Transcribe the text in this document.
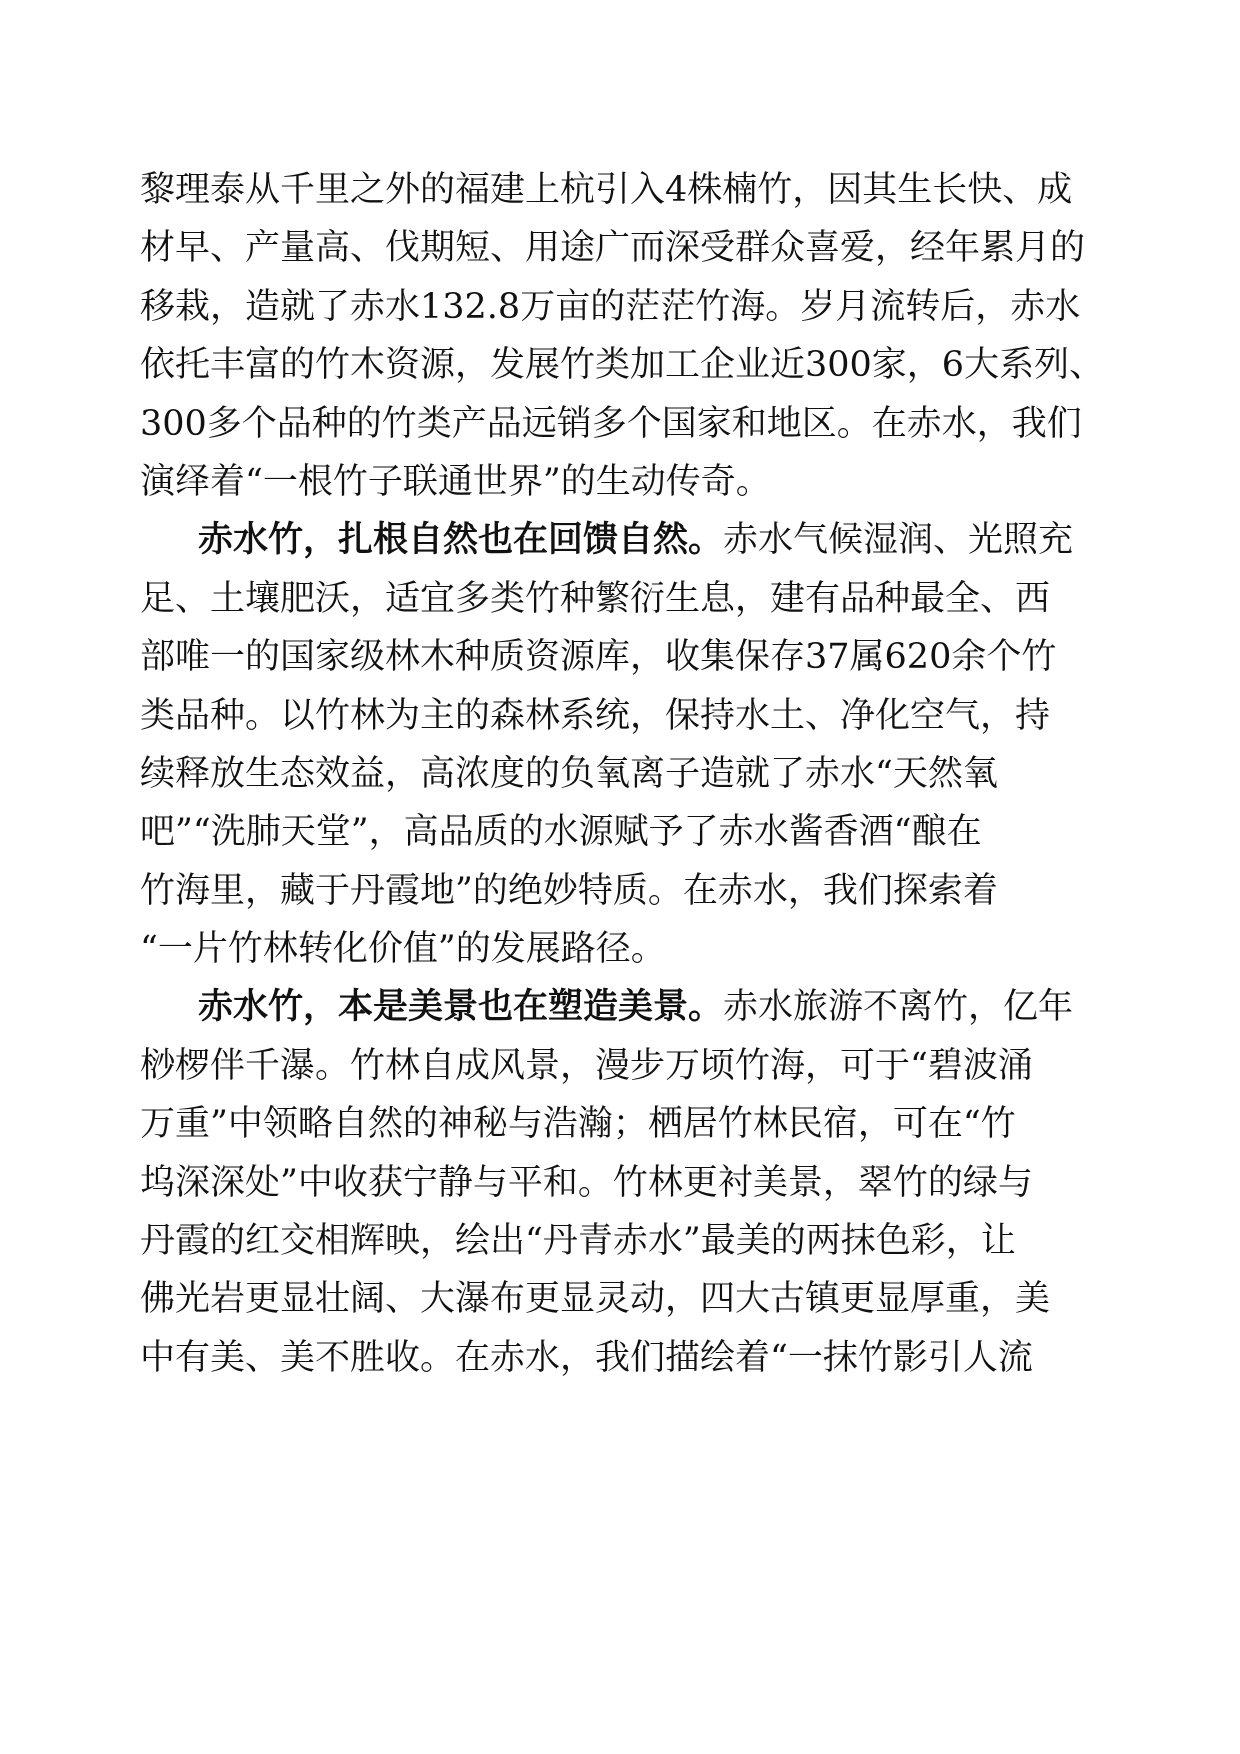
黎理泰从千里之外的福建上杭引入4株楠竹，因其生长快、成
材早、产量高、伐期短、用途广而深受群众喜爱，经年累月的
移栽，造就了赤水132.8万亩的茫茫竹海。岁月流转后，赤水
依托丰富的竹木资源，发展竹类加工企业近300家，6大系列、
300多个品种的竹类产品远销多个国家和地区。在赤水，我们
演绎着“一根竹子联通世界”的生动传奇。
赤水竹，扎根自然也在回馈自然。赤水气候湿润、光照充
足、土壤肥沃，适宜多类竹种繁衍生息，建有品种最全、西
部唯一的国家级林木种质资源库，收集保存37属620余个竹
类品种。以竹林为主的森林系统，保持水土、净化空气，持
续释放生态效益，高浓度的负氧离子造就了赤水“天然氧
吧”“洗肺天堂”，高品质的水源赋予了赤水酱香酒“酿在
竹海里，藏于丹霞地”的绝妙特质。在赤水，我们探索着
“一片竹林转化价值”的发展路径。
赤水竹，本是美景也在塑造美景。赤水旅游不离竹，亿年
桫椤伴千瀑。竹林自成风景，漫步万顷竹海，可于“碧波涌
万重”中领略自然的神秘与浩瀚；栖居竹林民宿，可在“竹
坞深深处”中收获宁静与平和。竹林更衬美景，翠竹的绿与
丹霞的红交相辉映，绘出“丹青赤水”最美的两抹色彩，让
佛光岩更显壮阔、大瀑布更显灵动，四大古镇更显厚重，美
中有美、美不胜收。在赤水，我们描绘着“一抹竹影引人流
